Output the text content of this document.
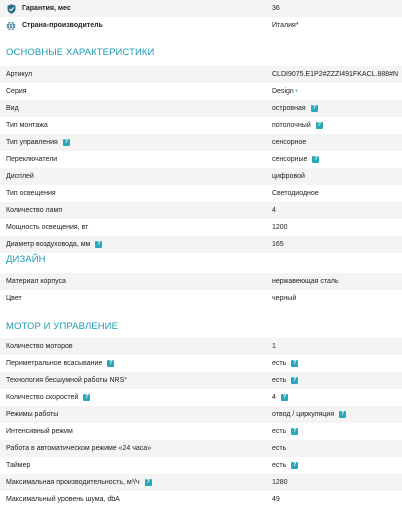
Гарантия, мес	36
Страна-производитель	Италия*
ОСНОВНЫЕ ХАРАКТЕРИСТИКИ
Артикул	CLDI9075.E1P2#ZZZI491FKACL.888#N
Серия	Design +
Вид	островная ?
Тип монтажа	потолочный ?
Тип управления ?	сенсорное
Переключатели	сенсорные ?
Дисплей	цифровой
Тип освещения	Светодиодное
Количество ламп	4
Мощность освещения, вт	1200
Диаметр воздуховода, мм ?	165
ДИЗАЙН
Материал корпуса	нержавеющая сталь
Цвет	черный
МОТОР И УПРАВЛЕНИЕ
Количество моторов	1
Периметральное всасывание ?	есть ?
Технология бесшумной работы NRS°	есть ?
Количество скоростей ?	4 ?
Режимы работы	отвод / циркуляция ?
Интенсивный режим	есть ?
Работа в автоматическом режиме «24 часа»	есть
Таймер	есть ?
Максимальная производительность, м³/ч ?	1280
Максимальный уровень шума, dbA	49
